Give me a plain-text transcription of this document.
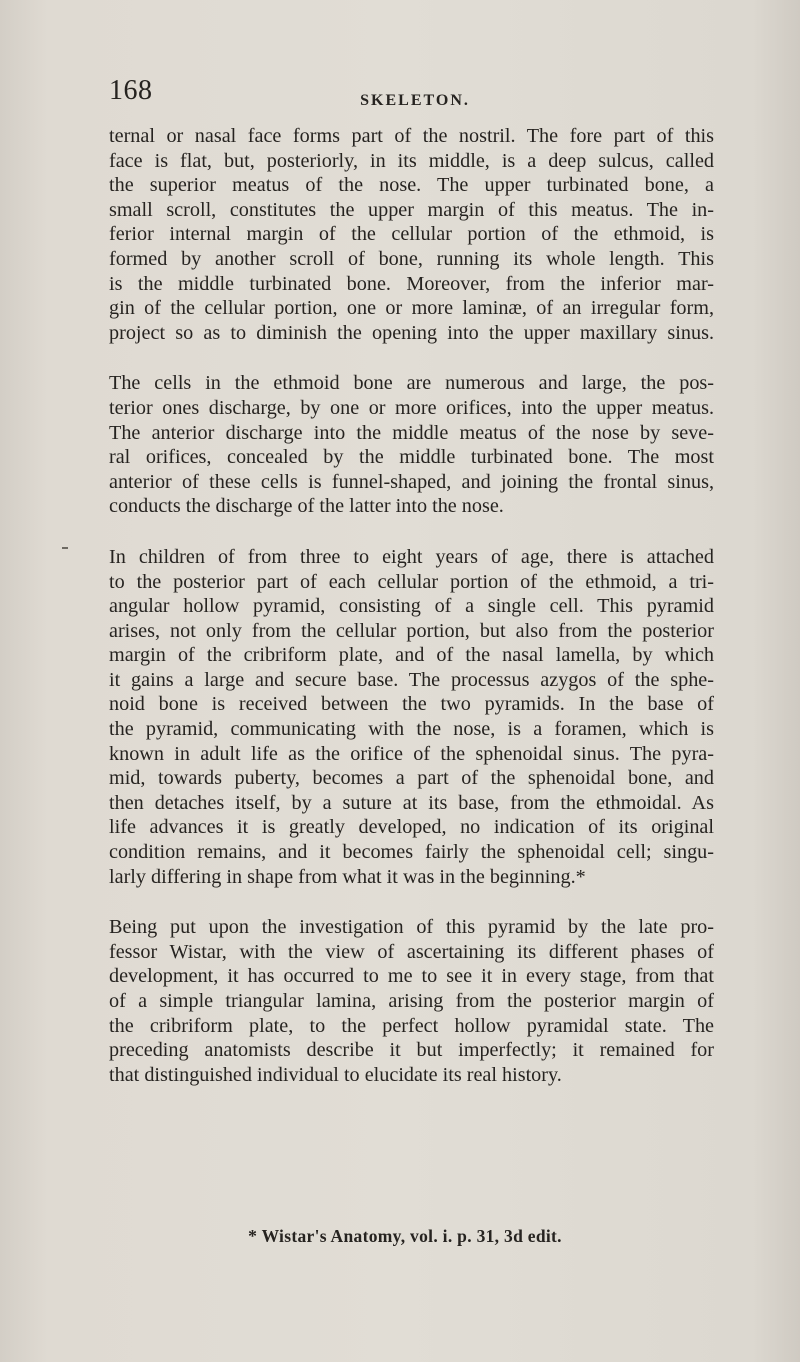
168	SKELETON.
ternal or nasal face forms part of the nostril. The fore part of this
face is flat, but, posteriorly, in its middle, is a deep sulcus, called
the superior meatus of the nose. The upper turbinated bone, a
small scroll, constitutes the upper margin of this meatus. The in-
ferior internal margin of the cellular portion of the ethmoid, is
formed by another scroll of bone, running its whole length. This
is the middle turbinated bone. Moreover, from the inferior mar-
gin of the cellular portion, one or more laminæ, of an irregular form,
project so as to diminish the opening into the upper maxillary sinus.
The cells in the ethmoid bone are numerous and large, the pos-
terior ones discharge, by one or more orifices, into the upper meatus.
The anterior discharge into the middle meatus of the nose by seve-
ral orifices, concealed by the middle turbinated bone. The most
anterior of these cells is funnel-shaped, and joining the frontal sinus,
conducts the discharge of the latter into the nose.
In children of from three to eight years of age, there is attached
to the posterior part of each cellular portion of the ethmoid, a tri-
angular hollow pyramid, consisting of a single cell. This pyramid
arises, not only from the cellular portion, but also from the posterior
margin of the cribriform plate, and of the nasal lamella, by which
it gains a large and secure base. The processus azygos of the sphe-
noid bone is received between the two pyramids. In the base of
the pyramid, communicating with the nose, is a foramen, which is
known in adult life as the orifice of the sphenoidal sinus. The pyra-
mid, towards puberty, becomes a part of the sphenoidal bone, and
then detaches itself, by a suture at its base, from the ethmoidal. As
life advances it is greatly developed, no indication of its original
condition remains, and it becomes fairly the sphenoidal cell; singu-
larly differing in shape from what it was in the beginning.*
Being put upon the investigation of this pyramid by the late pro-
fessor Wistar, with the view of ascertaining its different phases of
development, it has occurred to me to see it in every stage, from that
of a simple triangular lamina, arising from the posterior margin of
the cribriform plate, to the perfect hollow pyramidal state. The
preceding anatomists describe it but imperfectly; it remained for
that distinguished individual to elucidate its real history.
* Wistar's Anatomy, vol. i. p. 31, 3d edit.
